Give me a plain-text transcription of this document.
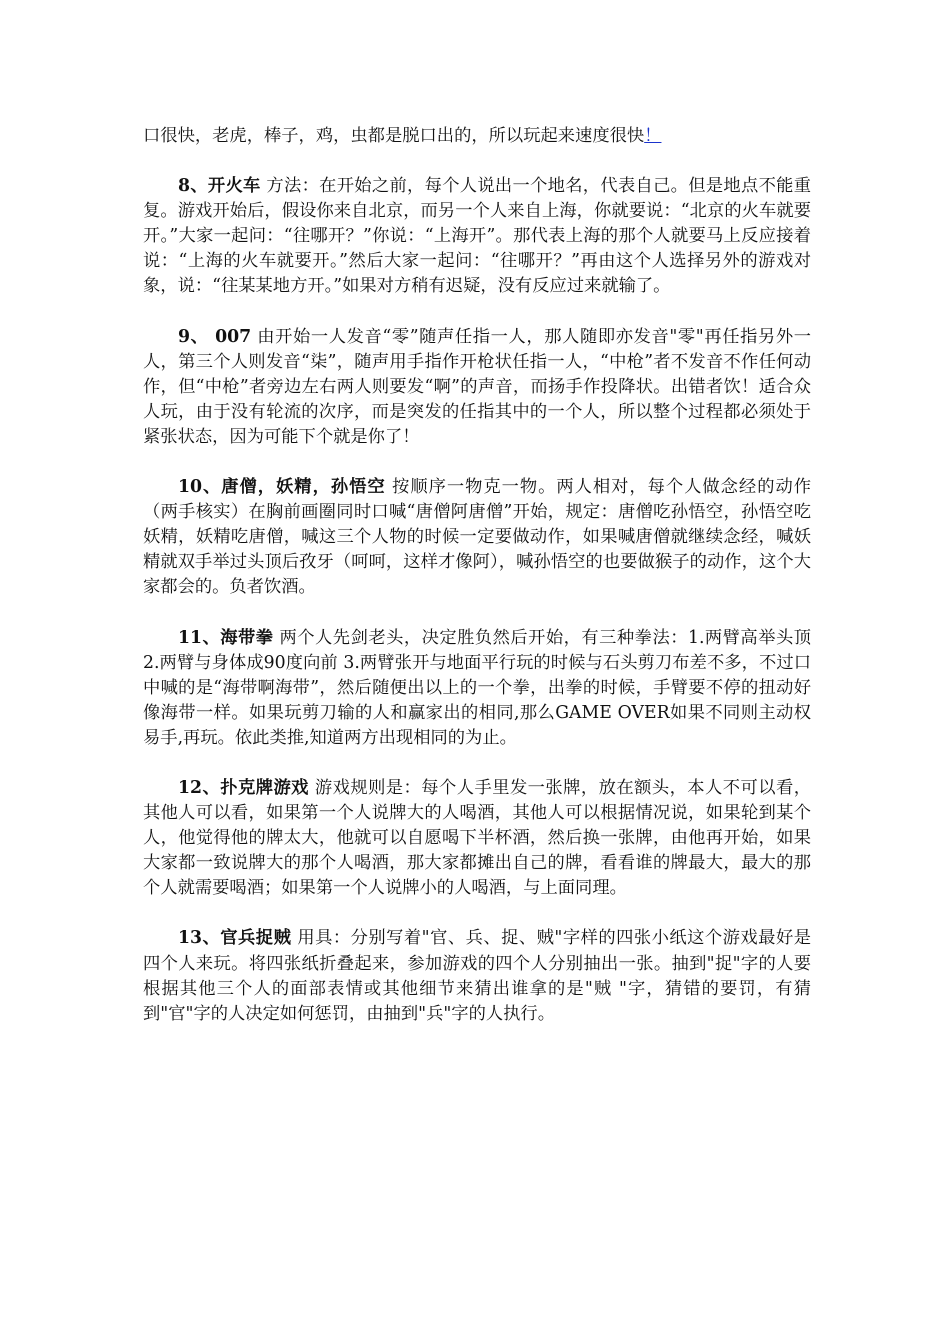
口很快，老虎，棒子，鸡，虫都是脱口出的，所以玩起来速度很快！

8、开火车 方法：在开始之前，每个人说出一个地名，代表自己。但是地点不能重复。游戏开始后，假设你来自北京，而另一个人来自上海，你就要说：“北京的火车就要开。”大家一起问：“往哪开？”你说：“上海开”。那代表上海的那个人就要马上反应接着说：“上海的火车就要开。”然后大家一起问：“往哪开？”再由这个人选择另外的游戏对象，说：“往某某地方开。”如果对方稍有迟疑，没有反应过来就输了。

9、 007 由开始一人发音“零”随声任指一人，那人随即亦发音"零"再任指另外一人，第三个人则发音“柒”，随声用手指作开枪状任指一人，“中枪”者不发音不作任何动作，但“中枪”者旁边左右两人则要发“啊”的声音，而扬手作投降状。出错者饮！适合众人玩，由于没有轮流的次序，而是突发的任指其中的一个人，所以整个过程都必须处于紧张状态，因为可能下个就是你了！

10、唐僧，妖精，孙悟空 按顺序一物克一物。两人相对，每个人做念经的动作（两手核实）在胸前画圈同时口喊“唐僧阿唐僧”开始，规定：唐僧吃孙悟空，孙悟空吃妖精，妖精吃唐僧，喊这三个人物的时候一定要做动作，如果喊唐僧就继续念经，喊妖精就双手举过头顶后孜牙（呵呵，这样才像阿），喊孙悟空的也要做猴子的动作，这个大家都会的。负者饮酒。

11、海带拳 两个人先剑老头，决定胜负然后开始，有三种拳法：1.两臂高举头顶 2.两臂与身体成90度向前 3.两臂张开与地面平行玩的时候与石头剪刀布差不多，不过口中喊的是“海带啊海带”，然后随便出以上的一个拳，出拳的时候，手臂要不停的扭动好像海带一样。如果玩剪刀输的人和赢家出的相同,那么GAME OVER如果不同则主动权易手,再玩。依此类推,知道两方出现相同的为止。

12、扑克牌游戏 游戏规则是：每个人手里发一张牌，放在额头，本人不可以看，其他人可以看，如果第一个人说牌大的人喝酒，其他人可以根据情况说，如果轮到某个人，他觉得他的牌太大，他就可以自愿喝下半杯酒，然后换一张牌，由他再开始，如果大家都一致说牌大的那个人喝酒，那大家都摊出自己的牌，看看谁的牌最大，最大的那个人就需要喝酒；如果第一个人说牌小的人喝酒，与上面同理。

13、官兵捉贼 用具：分别写着"官、兵、捉、贼"字样的四张小纸这个游戏最好是四个人来玩。将四张纸折叠起来，参加游戏的四个人分别抽出一张。抽到"捉"字的人要根据其他三个人的面部表情或其他细节来猜出谁拿的是"贼 "字，猜错的要罚，有猜到"官"字的人决定如何惩罚，由抽到"兵"字的人执行。
